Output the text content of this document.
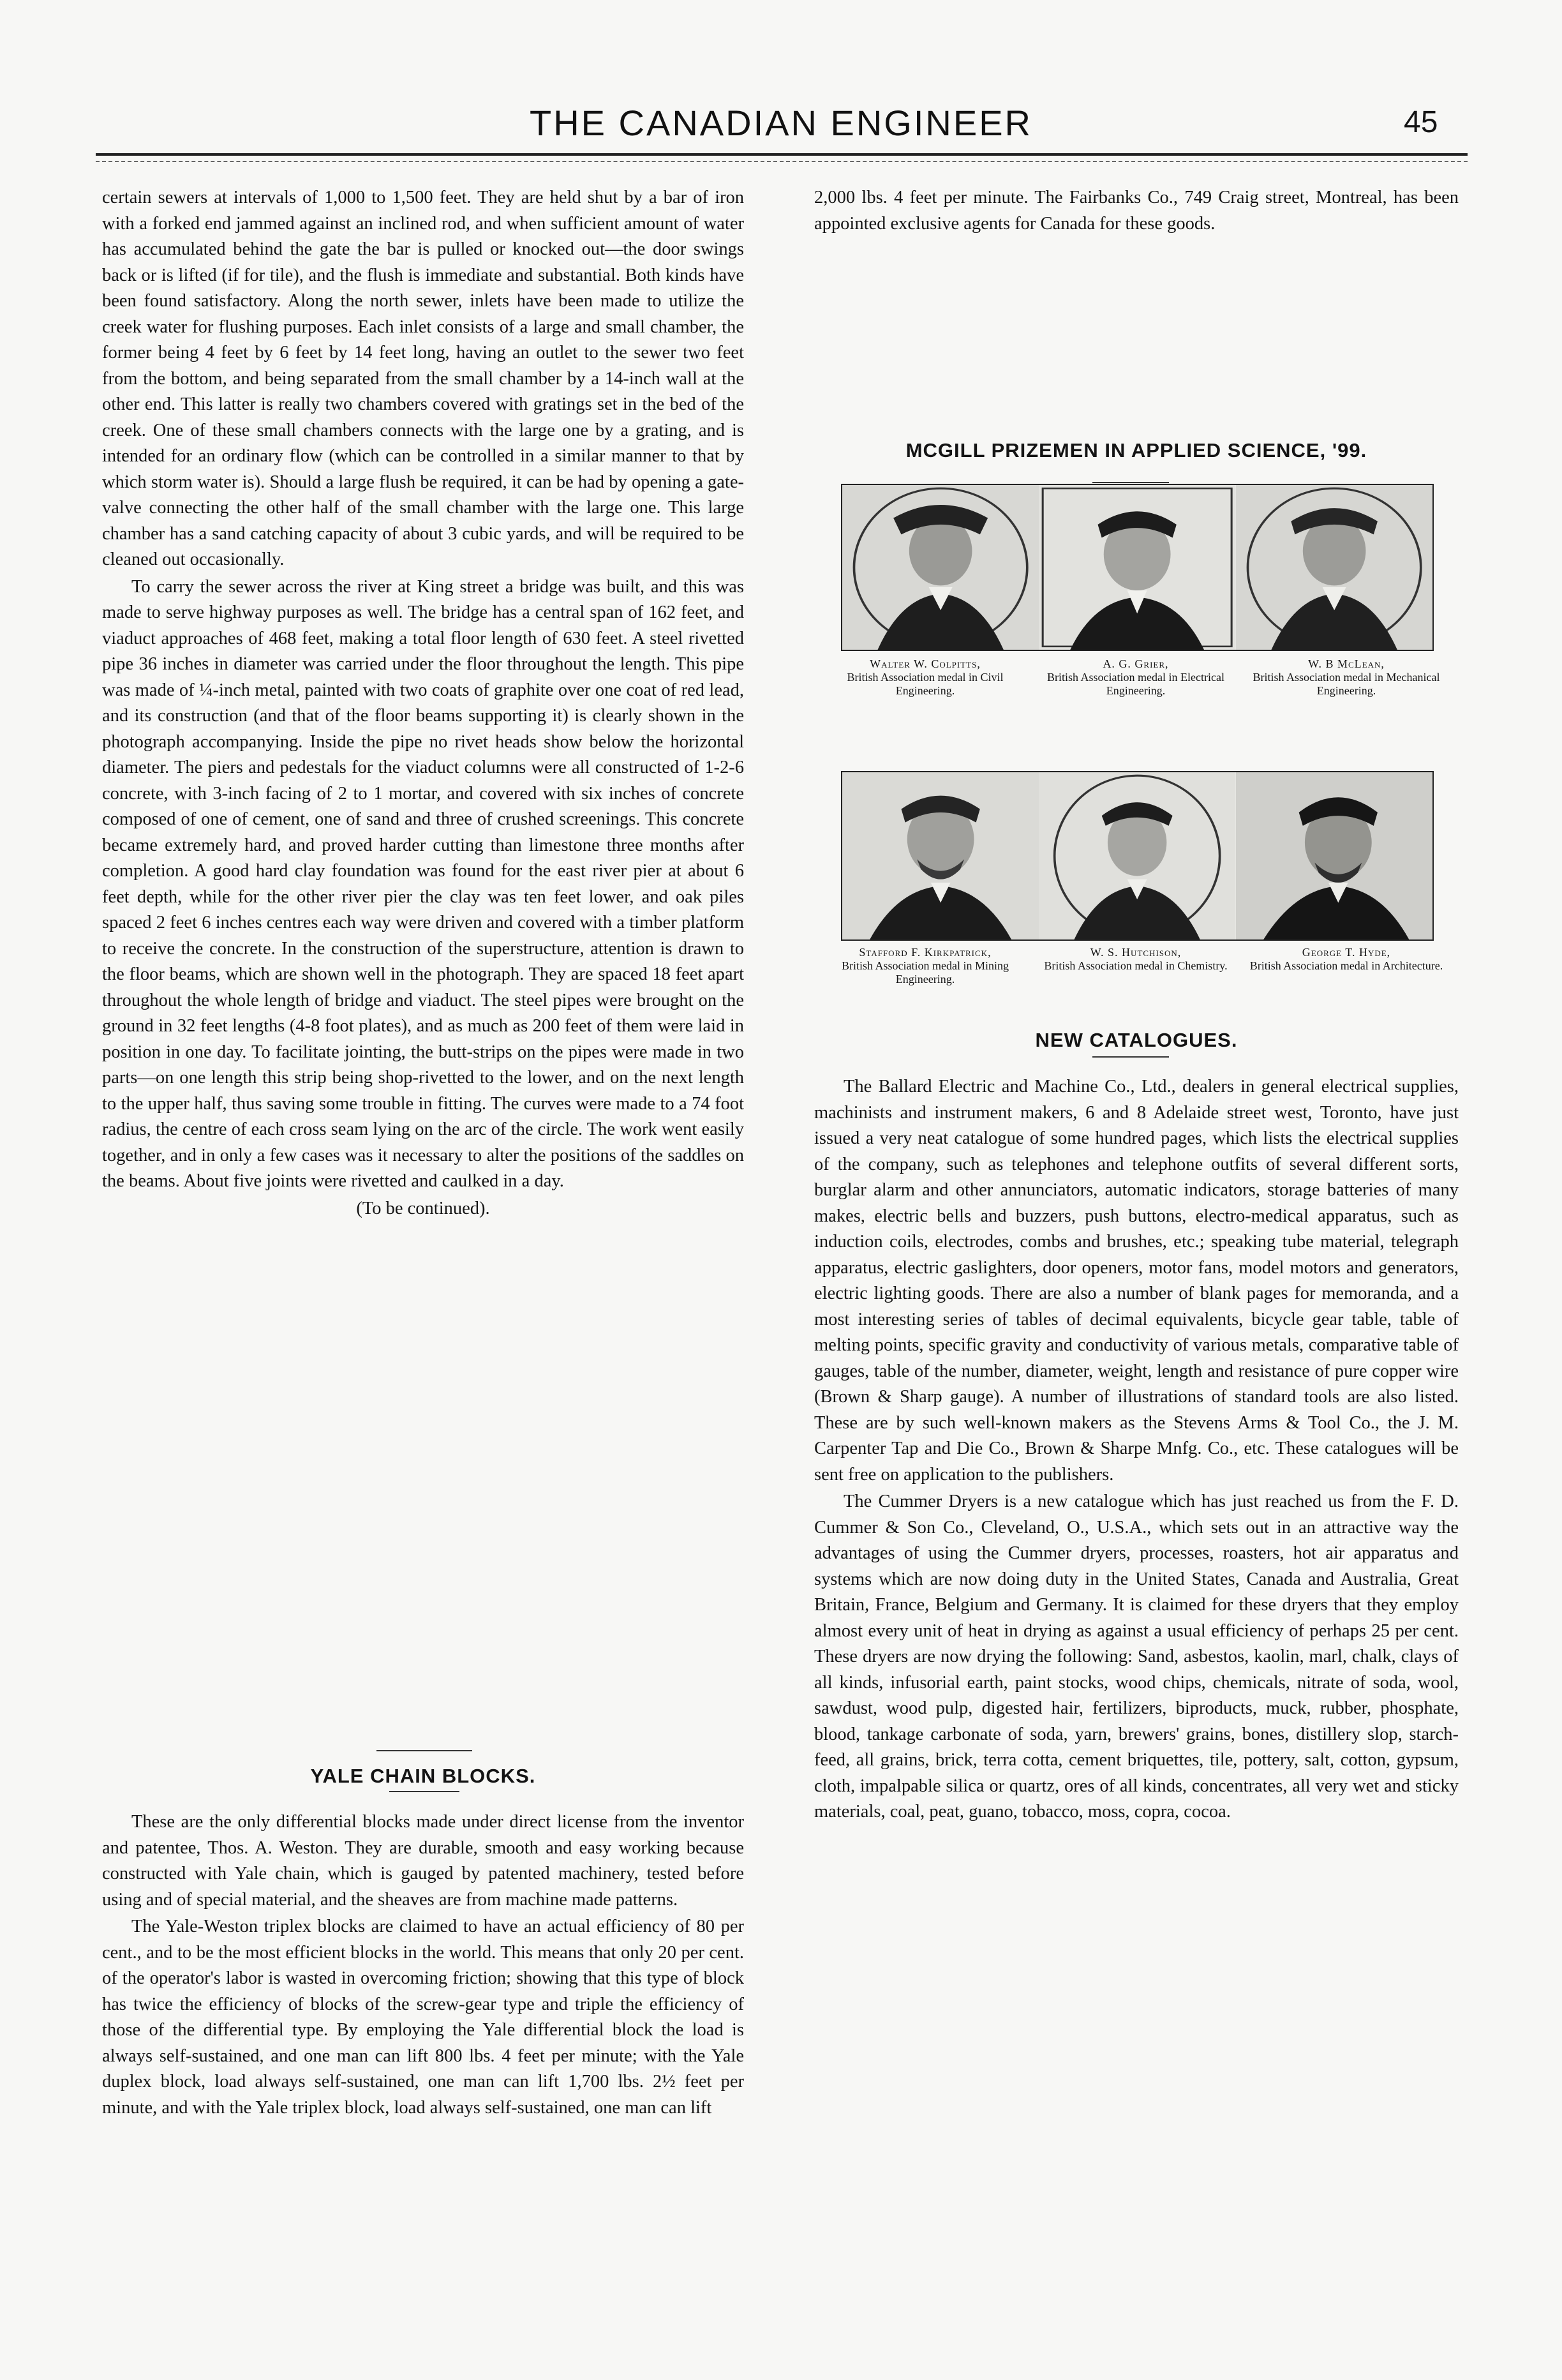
THE CANADIAN ENGINEER	45

certain sewers at intervals of 1,000 to 1,500 feet. They are held shut by a bar of iron with a forked end jammed against an inclined rod, and when sufficient amount of water has accumulated behind the gate the bar is pulled or knocked out—the door swings back or is lifted (if for tile), and the flush is immediate and substantial. Both kinds have been found satisfactory. Along the north sewer, inlets have been made to utilize the creek water for flushing purposes. Each inlet consists of a large and small chamber, the former being 4 feet by 6 feet by 14 feet long, having an outlet to the sewer two feet from the bottom, and being separated from the small chamber by a 14-inch wall at the other end. This latter is really two chambers covered with gratings set in the bed of the creek. One of these small chambers connects with the large one by a grating, and is intended for an ordinary flow (which can be controlled in a similar manner to that by which storm water is). Should a large flush be required, it can be had by opening a gate-valve connecting the other half of the small chamber with the large one. This large chamber has a sand catching capacity of about 3 cubic yards, and will be required to be cleaned out occasionally.

To carry the sewer across the river at King street a bridge was built, and this was made to serve highway purposes as well. The bridge has a central span of 162 feet, and viaduct approaches of 468 feet, making a total floor length of 630 feet. A steel rivetted pipe 36 inches in diameter was carried under the floor throughout the length. This pipe was made of ¼-inch metal, painted with two coats of graphite over one coat of red lead, and its construction (and that of the floor beams supporting it) is clearly shown in the photograph accompanying. Inside the pipe no rivet heads show below the horizontal diameter. The piers and pedestals for the viaduct columns were all constructed of 1-2-6 concrete, with 3-inch facing of 2 to 1 mortar, and covered with six inches of concrete composed of one of cement, one of sand and three of crushed screenings. This concrete became extremely hard, and proved harder cutting than limestone three months after completion. A good hard clay foundation was found for the east river pier at about 6 feet depth, while for the other river pier the clay was ten feet lower, and oak piles spaced 2 feet 6 inches centres each way were driven and covered with a timber platform to receive the concrete. In the construction of the superstructure, attention is drawn to the floor beams, which are shown well in the photograph. They are spaced 18 feet apart throughout the whole length of bridge and viaduct. The steel pipes were brought on the ground in 32 feet lengths (4-8 foot plates), and as much as 200 feet of them were laid in position in one day. To facilitate jointing, the butt-strips on the pipes were made in two parts—on one length this strip being shop-rivetted to the lower, and on the next length to the upper half, thus saving some trouble in fitting. The curves were made to a 74 foot radius, the centre of each cross seam lying on the arc of the circle. The work went easily together, and in only a few cases was it necessary to alter the positions of the saddles on the beams. About five joints were rivetted and caulked in a day.

(To be continued).

YALE CHAIN BLOCKS.

These are the only differential blocks made under direct license from the inventor and patentee, Thos. A. Weston. They are durable, smooth and easy working because constructed with Yale chain, which is gauged by patented machinery, tested before using and of special material, and the sheaves are from machine made patterns.

The Yale-Weston triplex blocks are claimed to have an actual efficiency of 80 per cent., and to be the most efficient blocks in the world. This means that only 20 per cent. of the operator's labor is wasted in overcoming friction; showing that this type of block has twice the efficiency of blocks of the screw-gear type and triple the efficiency of those of the differential type. By employing the Yale differential block the load is always self-sustained, and one man can lift 800 lbs. 4 feet per minute; with the Yale duplex block, load always self-sustained, one man can lift 1,700 lbs. 2½ feet per minute, and with the Yale triplex block, load always self-sustained, one man can lift

2,000 lbs. 4 feet per minute. The Fairbanks Co., 749 Craig street, Montreal, has been appointed exclusive agents for Canada for these goods.

MCGILL PRIZEMEN IN APPLIED SCIENCE, '99.
Walter W. Colpitts,
British Association medal in Civil Engineering.
A. G. Grier,
British Association medal in Electrical Engineering.
W. B McLean,
British Association medal in Mechanical Engineering.
Stafford F. Kirkpatrick,
British Association medal in Mining Engineering.
W. S. Hutchison,
British Association medal in Chemistry.
George T. Hyde,
British Association medal in Architecture.
NEW CATALOGUES.

The Ballard Electric and Machine Co., Ltd., dealers in general electrical supplies, machinists and instrument makers, 6 and 8 Adelaide street west, Toronto, have just issued a very neat catalogue of some hundred pages, which lists the electrical supplies of the company, such as telephones and telephone outfits of several different sorts, burglar alarm and other annunciators, automatic indicators, storage batteries of many makes, electric bells and buzzers, push buttons, electro-medical apparatus, such as induction coils, electrodes, combs and brushes, etc.; speaking tube material, telegraph apparatus, electric gaslighters, door openers, motor fans, model motors and generators, electric lighting goods. There are also a number of blank pages for memoranda, and a most interesting series of tables of decimal equivalents, bicycle gear table, table of melting points, specific gravity and conductivity of various metals, comparative table of gauges, table of the number, diameter, weight, length and resistance of pure copper wire (Brown & Sharp gauge). A number of illustrations of standard tools are also listed. These are by such well-known makers as the Stevens Arms & Tool Co., the J. M. Carpenter Tap and Die Co., Brown & Sharpe Mnfg. Co., etc. These catalogues will be sent free on application to the publishers.

The Cummer Dryers is a new catalogue which has just reached us from the F. D. Cummer & Son Co., Cleveland, O., U.S.A., which sets out in an attractive way the advantages of using the Cummer dryers, processes, roasters, hot air apparatus and systems which are now doing duty in the United States, Canada and Australia, Great Britain, France, Belgium and Germany. It is claimed for these dryers that they employ almost every unit of heat in drying as against a usual efficiency of perhaps 25 per cent. These dryers are now drying the following: Sand, asbestos, kaolin, marl, chalk, clays of all kinds, infusorial earth, paint stocks, wood chips, chemicals, nitrate of soda, wool, sawdust, wood pulp, digested hair, fertilizers, biproducts, muck, rubber, phosphate, blood, tankage carbonate of soda, yarn, brewers' grains, bones, distillery slop, starch-feed, all grains, brick, terra cotta, cement briquettes, tile, pottery, salt, cotton, gypsum, cloth, impalpable silica or quartz, ores of all kinds, concentrates, all very wet and sticky materials, coal, peat, guano, tobacco, moss, copra, cocoa.
